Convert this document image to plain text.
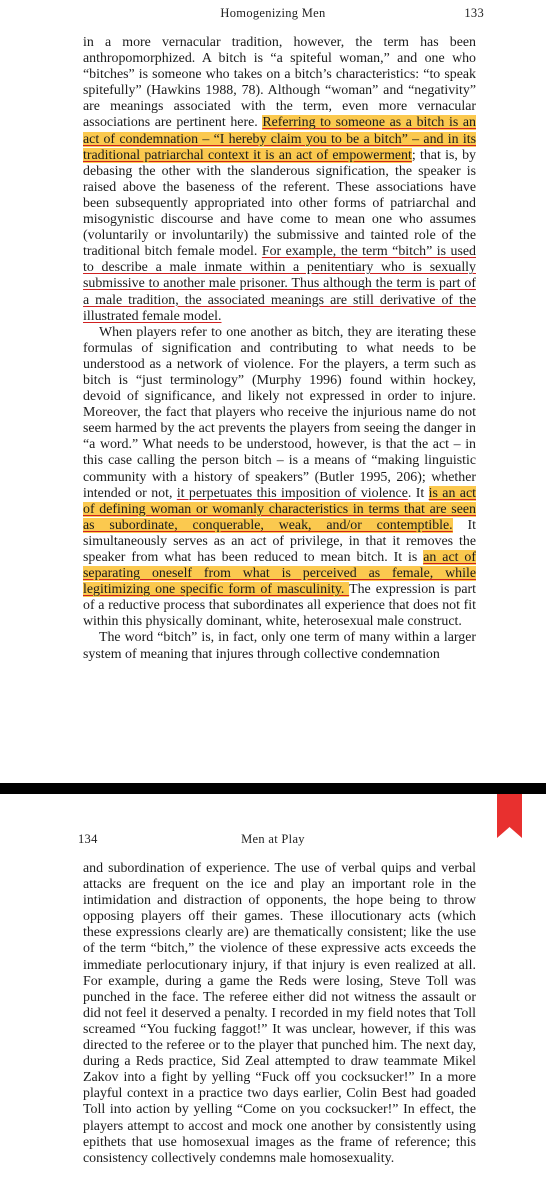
Homogenizing Men	133

in a more vernacular tradition, however, the term has been anthropomorphized. A bitch is “a spiteful woman,” and one who “bitches” is someone who takes on a bitch’s characteristics: “to speak spitefully” (Hawkins 1988, 78). Although “woman” and “negativity” are meanings associated with the term, even more vernacular associations are pertinent here. Referring to someone as a bitch is an act of condemnation – “I hereby claim you to be a bitch” – and in its traditional patriarchal context it is an act of empowerment; that is, by debasing the other with the slanderous signification, the speaker is raised above the baseness of the referent. These associations have been subsequently appropriated into other forms of patriarchal and misogynistic discourse and have come to mean one who assumes (voluntarily or involuntarily) the submissive and tainted role of the traditional bitch female model. For example, the term “bitch” is used to describe a male inmate within a penitentiary who is sexually submissive to another male prisoner. Thus although the term is part of a male tradition, the associated meanings are still derivative of the illustrated female model.

When players refer to one another as bitch, they are iterating these formulas of signification and contributing to what needs to be understood as a network of violence. For the players, a term such as bitch is “just terminology” (Murphy 1996) found within hockey, devoid of significance, and likely not expressed in order to injure. Moreover, the fact that players who receive the injurious name do not seem harmed by the act prevents the players from seeing the danger in “a word.” What needs to be understood, however, is that the act – in this case calling the person bitch – is a means of “making linguistic community with a history of speakers” (Butler 1995, 206); whether intended or not, it perpetuates this imposition of violence. It is an act of defining woman or womanly characteristics in terms that are seen as subordinate, conquerable, weak, and/or contemptible. It simultaneously serves as an act of privilege, in that it removes the speaker from what has been reduced to mean bitch. It is an act of separating oneself from what is perceived as female, while legitimizing one specific form of masculinity. The expression is part of a reductive process that subordinates all experience that does not fit within this physically dominant, white, heterosexual male construct.

The word “bitch” is, in fact, only one term of many within a larger system of meaning that injures through collective condemnation

134	Men at Play

and subordination of experience. The use of verbal quips and verbal attacks are frequent on the ice and play an important role in the intimidation and distraction of opponents, the hope being to throw opposing players off their games. These illocutionary acts (which these expressions clearly are) are thematically consistent; like the use of the term “bitch,” the violence of these expressive acts exceeds the immediate perlocutionary injury, if that injury is even realized at all. For example, during a game the Reds were losing, Steve Toll was punched in the face. The referee either did not witness the assault or did not feel it deserved a penalty. I recorded in my field notes that Toll screamed “You fucking faggot!” It was unclear, however, if this was directed to the referee or to the player that punched him. The next day, during a Reds practice, Sid Zeal attempted to draw teammate Mikel Zakov into a fight by yelling “Fuck off you cocksucker!” In a more playful context in a practice two days earlier, Colin Best had goaded Toll into action by yelling “Come on you cocksucker!” In effect, the players attempt to accost and mock one another by consistently using epithets that use homosexual images as the frame of reference; this consistency collectively condemns male homosexuality.
